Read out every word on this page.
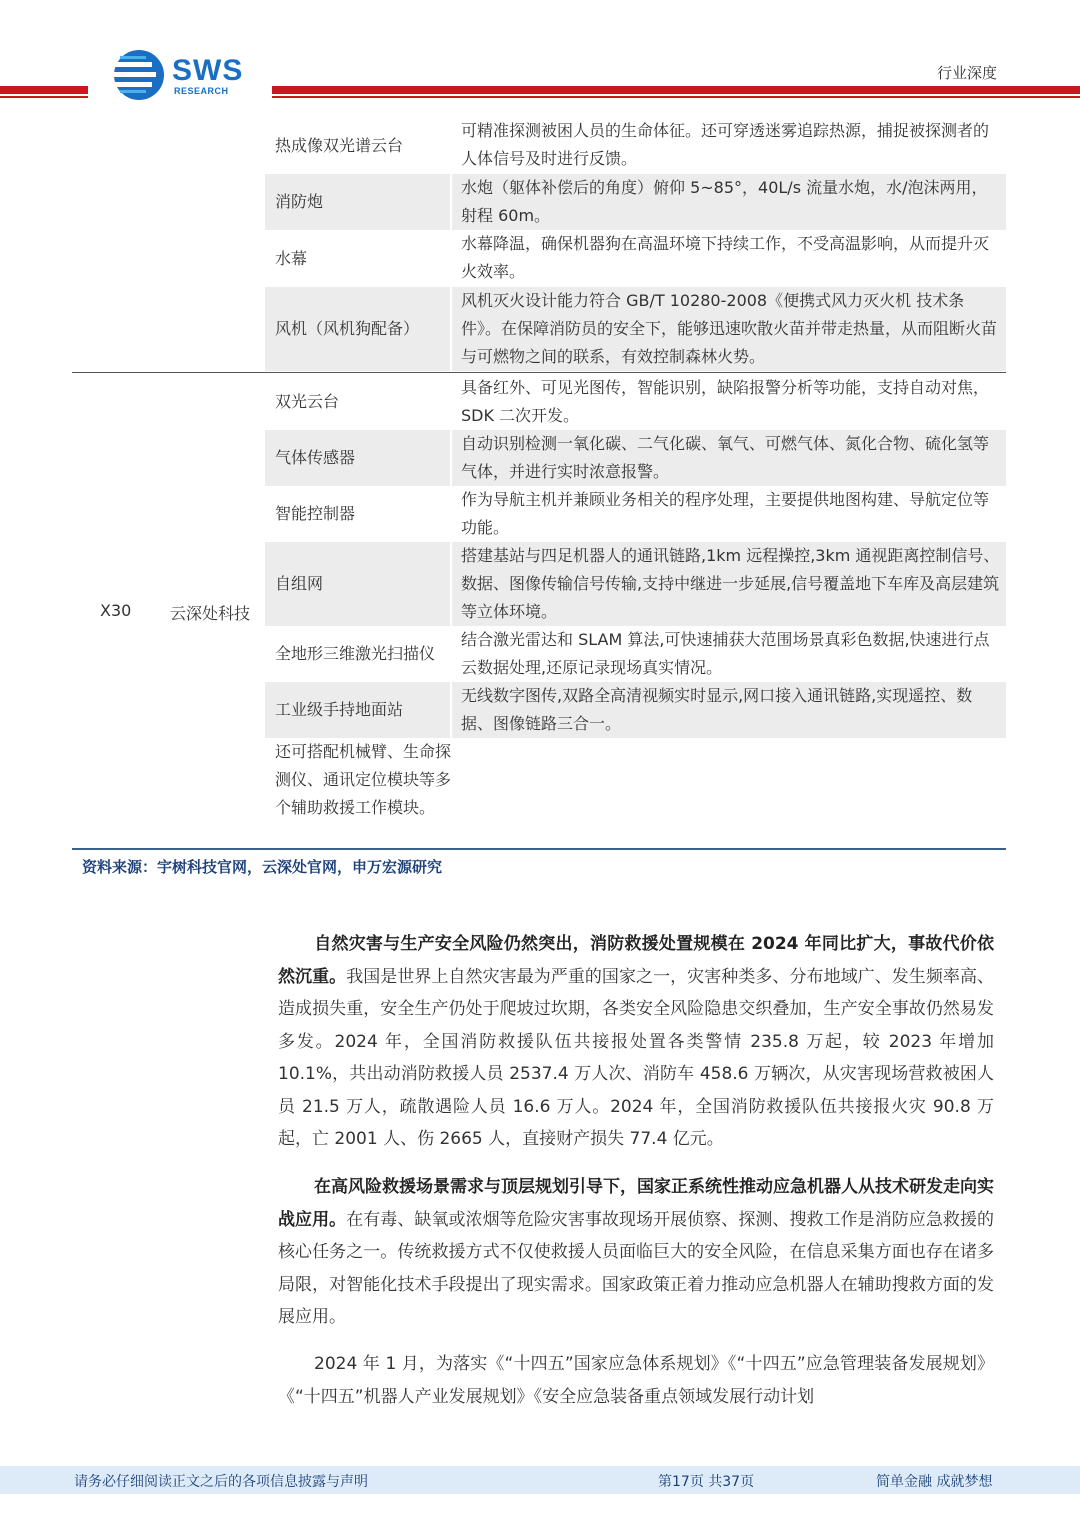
SWS
RESEARCH
行业深度
热成像双光谱云台
可精准探测被困人员的生命体征。还可穿透迷雾追踪热源，捕捉被探测者的人体信号及时进行反馈。
消防炮
水炮（躯体补偿后的角度）俯仰 5~85°，40L/s 流量水炮，水/泡沫两用，射程 60m。
水幕
水幕降温，确保机器狗在高温环境下持续工作，不受高温影响，从而提升灭火效率。
风机（风机狗配备）
风机灭火设计能力符合 GB/T 10280-2008《便携式风力灭火机 技术条件》。在保障消防员的安全下，能够迅速吹散火苗并带走热量，从而阻断火苗与可燃物之间的联系，有效控制森林火势。
X30 云深处科技
双光云台
具备红外、可见光图传，智能识别，缺陷报警分析等功能，支持自动对焦，SDK 二次开发。
气体传感器
自动识别检测一氧化碳、二气化碳、氧气、可燃气体、氮化合物、硫化氢等气体，并进行实时浓意报警。
智能控制器
作为导航主机并兼顾业务相关的程序处理，主要提供地图构建、导航定位等功能。
自组网
搭建基站与四足机器人的通讯链路,1km 远程操控,3km 通视距离控制信号、数据、图像传输信号传输,支持中继进一步延展,信号覆盖地下车库及高层建筑等立体环境。
全地形三维激光扫描仪
结合激光雷达和 SLAM 算法,可快速捕获大范围场景真彩色数据,快速进行点云数据处理,还原记录现场真实情况。
工业级手持地面站
无线数字图传,双路全高清视频实时显示,网口接入通讯链路,实现遥控、数据、图像链路三合一。
还可搭配机械臂、生命探测仪、通讯定位模块等多个辅助救援工作模块。
资料来源：宇树科技官网，云深处官网，申万宏源研究
自然灾害与生产安全风险仍然突出，消防救援处置规模在 2024 年同比扩大，事故代价依然沉重。我国是世界上自然灾害最为严重的国家之一，灾害种类多、分布地域广、发生频率高、造成损失重，安全生产仍处于爬坡过坎期，各类安全风险隐患交织叠加，生产安全事故仍然易发多发。2024 年，全国消防救援队伍共接报处置各类警情 235.8 万起，较 2023 年增加 10.1%，共出动消防救援人员 2537.4 万人次、消防车 458.6 万辆次，从灾害现场营救被困人员 21.5 万人，疏散遇险人员 16.6 万人。2024 年，全国消防救援队伍共接报火灾 90.8 万起，亡 2001 人、伤 2665 人，直接财产损失 77.4 亿元。
在高风险救援场景需求与顶层规划引导下，国家正系统性推动应急机器人从技术研发走向实战应用。在有毒、缺氧或浓烟等危险灾害事故现场开展侦察、探测、搜救工作是消防应急救援的核心任务之一。传统救援方式不仅使救援人员面临巨大的安全风险，在信息采集方面也存在诸多局限，对智能化技术手段提出了现实需求。国家政策正着力推动应急机器人在辅助搜救方面的发展应用。
2024 年 1 月，为落实《“十四五”国家应急体系规划》《“十四五”应急管理装备发展规划》《“十四五”机器人产业发展规划》《安全应急装备重点领域发展行动计划
请务必仔细阅读正文之后的各项信息披露与声明	第17页 共37页	简单金融 成就梦想
